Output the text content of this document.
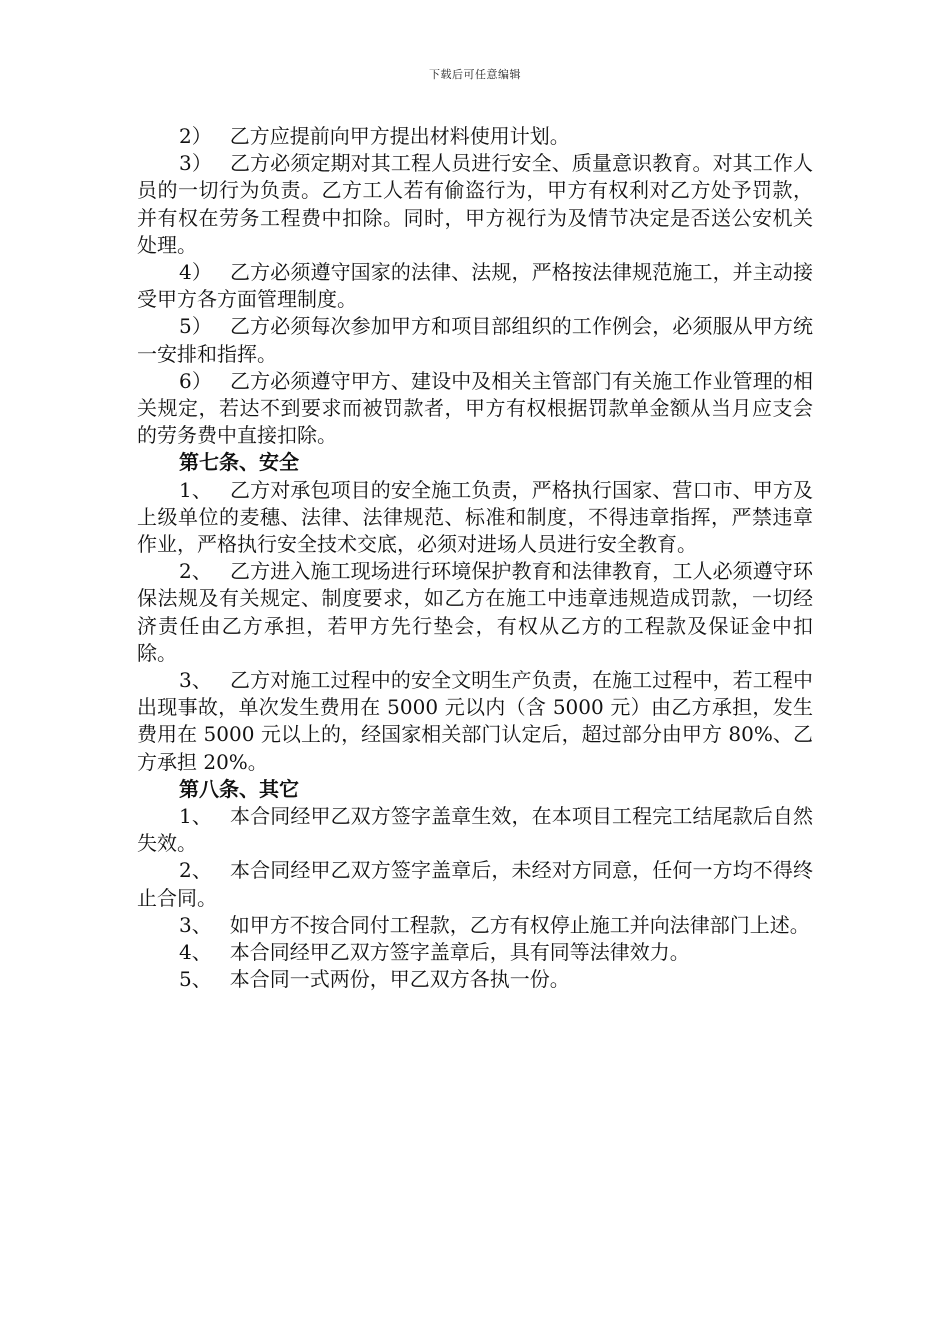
下载后可任意编辑

2） 乙方应提前向甲方提出材料使用计划。

3） 乙方必须定期对其工程人员进行安全、质量意识教育。对其工作人员的一切行为负责。乙方工人若有偷盗行为，甲方有权利对乙方处予罚款，并有权在劳务工程费中扣除。同时，甲方视行为及情节决定是否送公安机关处理。

4） 乙方必须遵守国家的法律、法规，严格按法律规范施工，并主动接受甲方各方面管理制度。

5） 乙方必须每次参加甲方和项目部组织的工作例会，必须服从甲方统一安排和指挥。

6） 乙方必须遵守甲方、建设中及相关主管部门有关施工作业管理的相关规定，若达不到要求而被罚款者，甲方有权根据罚款单金额从当月应支会的劳务费中直接扣除。

第七条、安全

1、 乙方对承包项目的安全施工负责，严格执行国家、营口市、甲方及上级单位的麦穗、法律、法律规范、标准和制度，不得违章指挥，严禁违章作业，严格执行安全技术交底，必须对进场人员进行安全教育。

2、 乙方进入施工现场进行环境保护教育和法律教育，工人必须遵守环保法规及有关规定、制度要求，如乙方在施工中违章违规造成罚款，一切经济责任由乙方承担，若甲方先行垫会，有权从乙方的工程款及保证金中扣除。

3、 乙方对施工过程中的安全文明生产负责，在施工过程中，若工程中出现事故，单次发生费用在 5000 元以内（含 5000 元）由乙方承担，发生费用在 5000 元以上的，经国家相关部门认定后，超过部分由甲方 80%、乙方承担 20%。

第八条、其它

1、 本合同经甲乙双方签字盖章生效，在本项目工程完工结尾款后自然失效。

2、 本合同经甲乙双方签字盖章后，未经对方同意，任何一方均不得终止合同。

3、 如甲方不按合同付工程款，乙方有权停止施工并向法律部门上述。

4、 本合同经甲乙双方签字盖章后，具有同等法律效力。

5、 本合同一式两份，甲乙双方各执一份。
